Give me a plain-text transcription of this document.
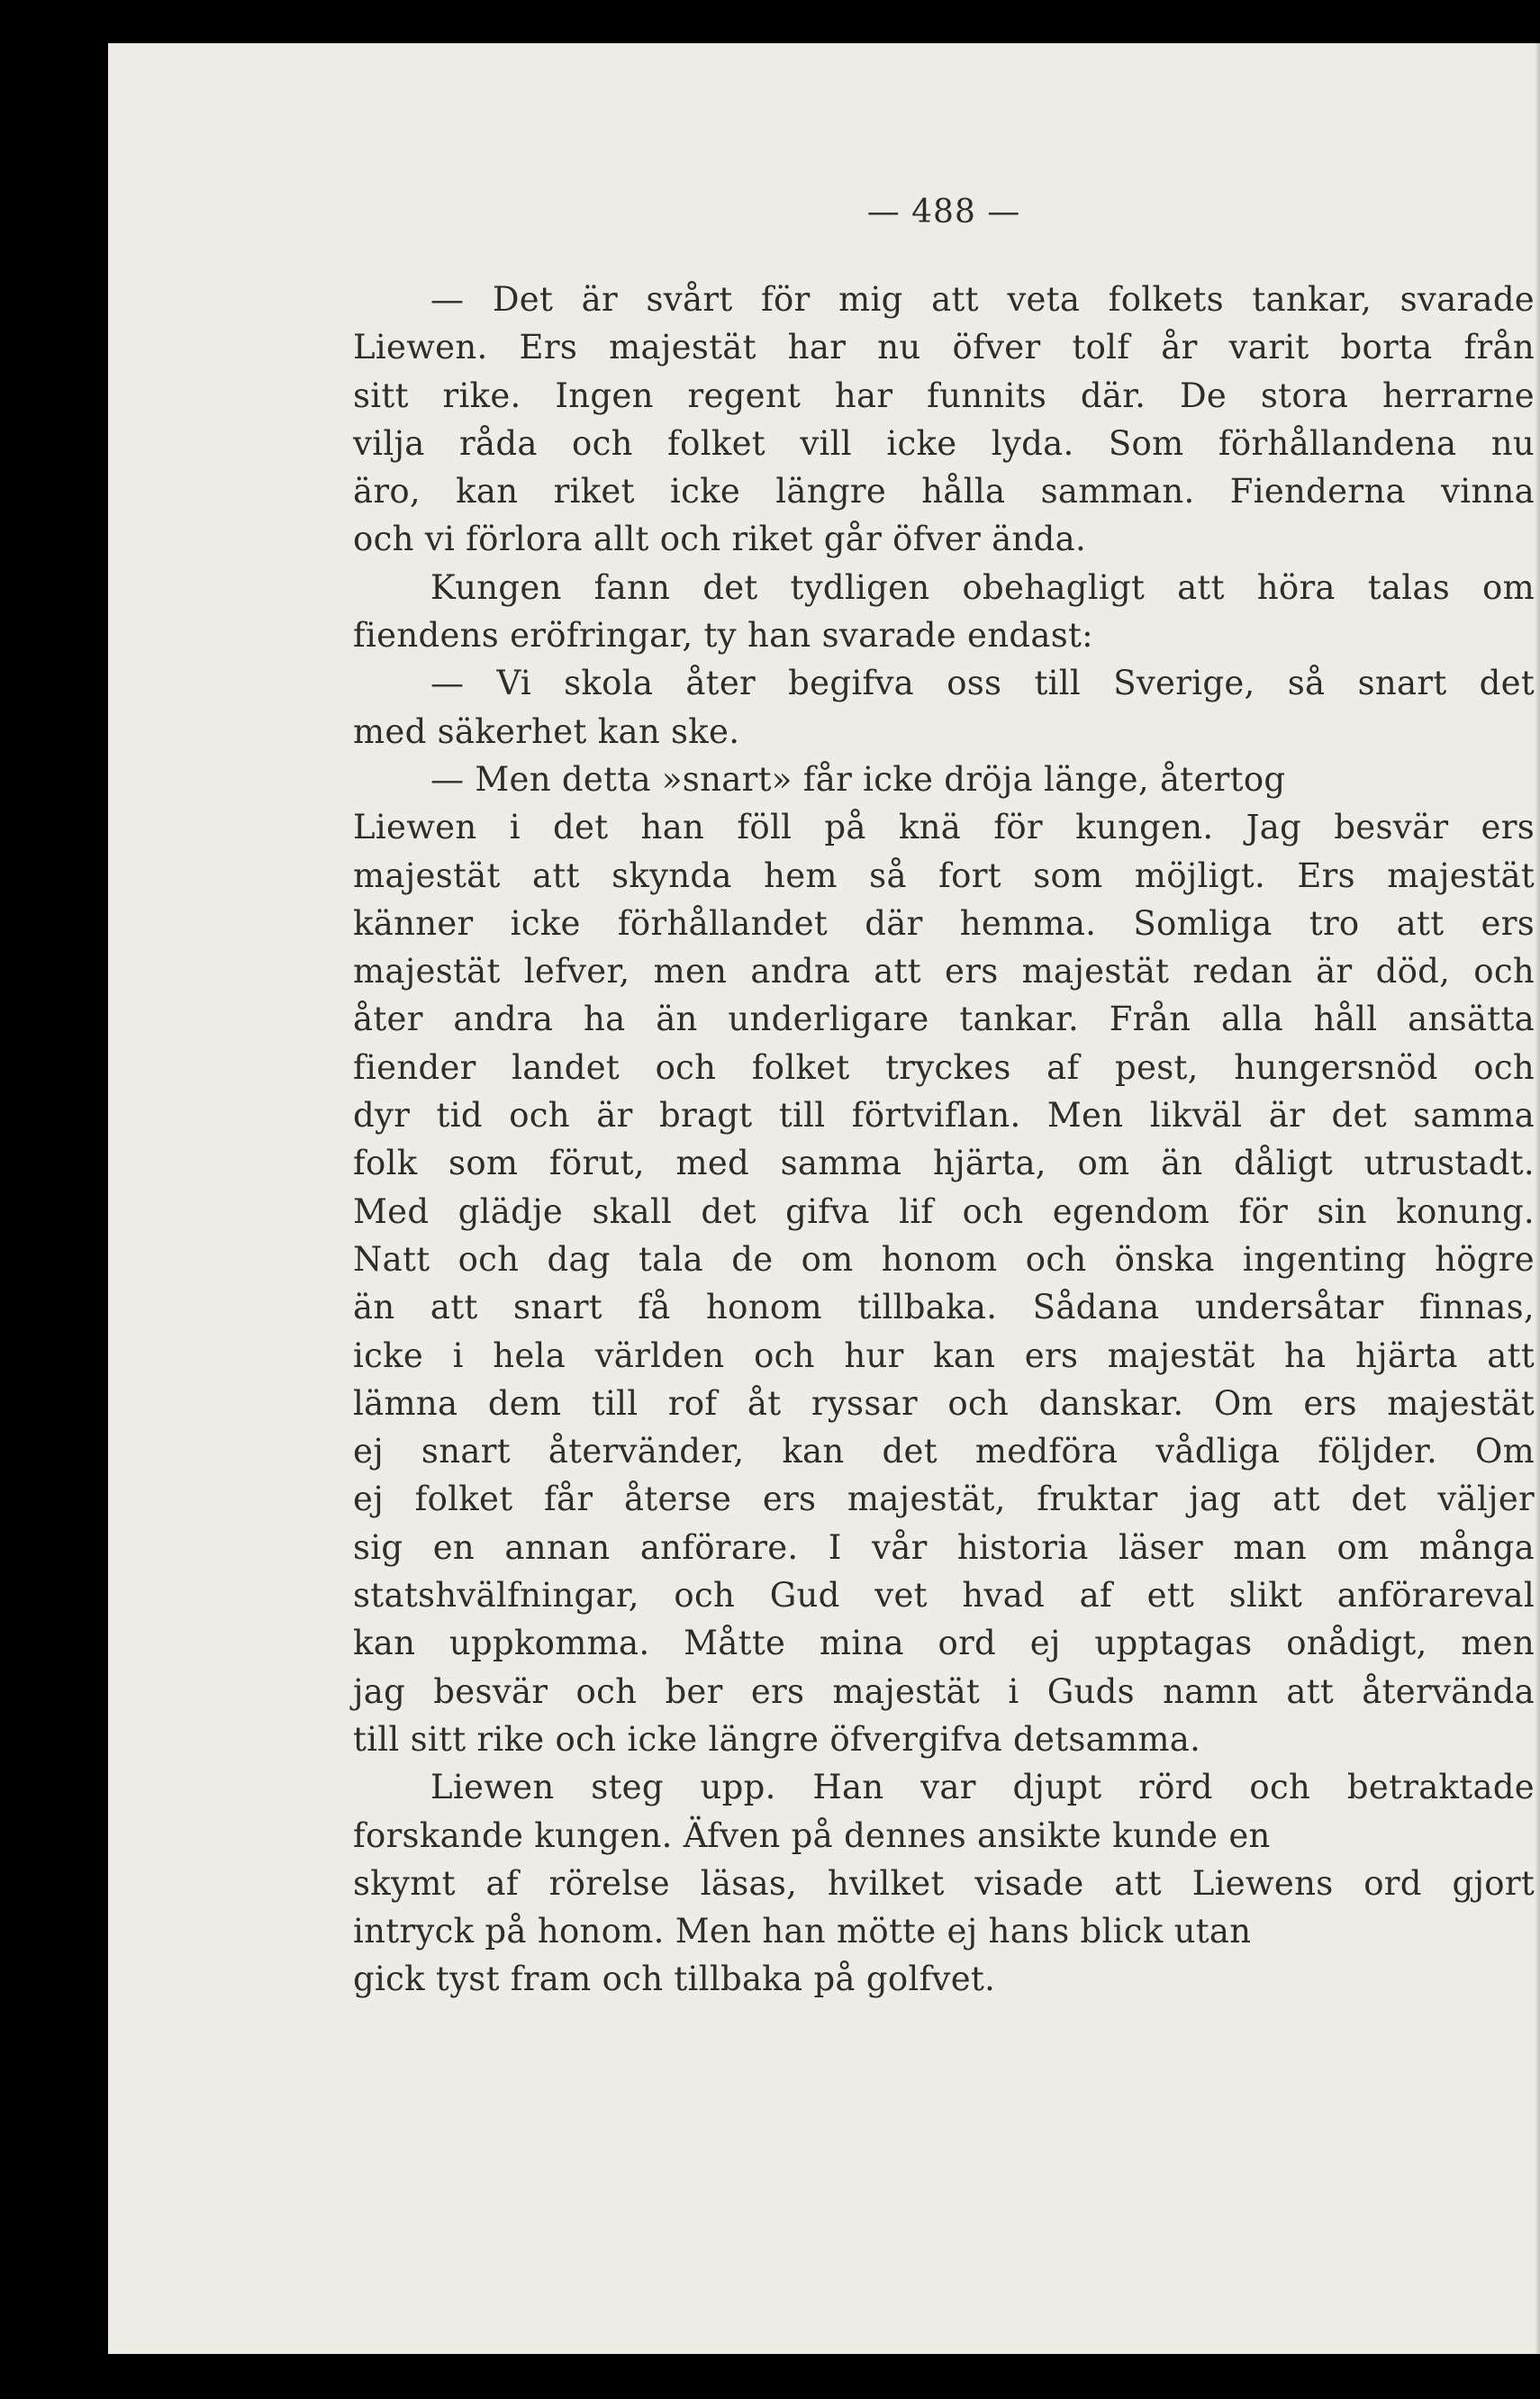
— 488 —
— Det är svårt för mig att veta folkets tankar, svarade
Liewen. Ers majestät har nu öfver tolf år varit borta från
sitt rike. Ingen regent har funnits där. De stora herrarne
vilja råda och folket vill icke lyda. Som förhållandena nu
äro, kan riket icke längre hålla samman. Fienderna vinna
och vi förlora allt och riket går öfver ända.
Kungen fann det tydligen obehagligt att höra talas om
fiendens eröfringar, ty han svarade endast:
— Vi skola åter begifva oss till Sverige, så snart det
med säkerhet kan ske.
— Men detta »snart» får icke dröja länge, återtog
Liewen i det han föll på knä för kungen. Jag besvär ers
majestät att skynda hem så fort som möjligt. Ers majestät
känner icke förhållandet där hemma. Somliga tro att ers
majestät lefver, men andra att ers majestät redan är död, och
åter andra ha än underligare tankar. Från alla håll ansätta
fiender landet och folket tryckes af pest, hungersnöd och
dyr tid och är bragt till förtviflan. Men likväl är det samma
folk som förut, med samma hjärta, om än dåligt utrustadt.
Med glädje skall det gifva lif och egendom för sin konung.
Natt och dag tala de om honom och önska ingenting högre
än att snart få honom tillbaka. Sådana undersåtar finnas,
icke i hela världen och hur kan ers majestät ha hjärta att
lämna dem till rof åt ryssar och danskar. Om ers majestät
ej snart återvänder, kan det medföra vådliga följder. Om
ej folket får återse ers majestät, fruktar jag att det väljer
sig en annan anförare. I vår historia läser man om många
statshvälfningar, och Gud vet hvad af ett slikt anförareval
kan uppkomma. Måtte mina ord ej upptagas onådigt, men
jag besvär och ber ers majestät i Guds namn att återvända
till sitt rike och icke längre öfvergifva detsamma.
Liewen steg upp. Han var djupt rörd och betraktade
forskande kungen. Äfven på dennes ansikte kunde en
skymt af rörelse läsas, hvilket visade att Liewens ord gjort
intryck på honom. Men han mötte ej hans blick utan
gick tyst fram och tillbaka på golfvet.
